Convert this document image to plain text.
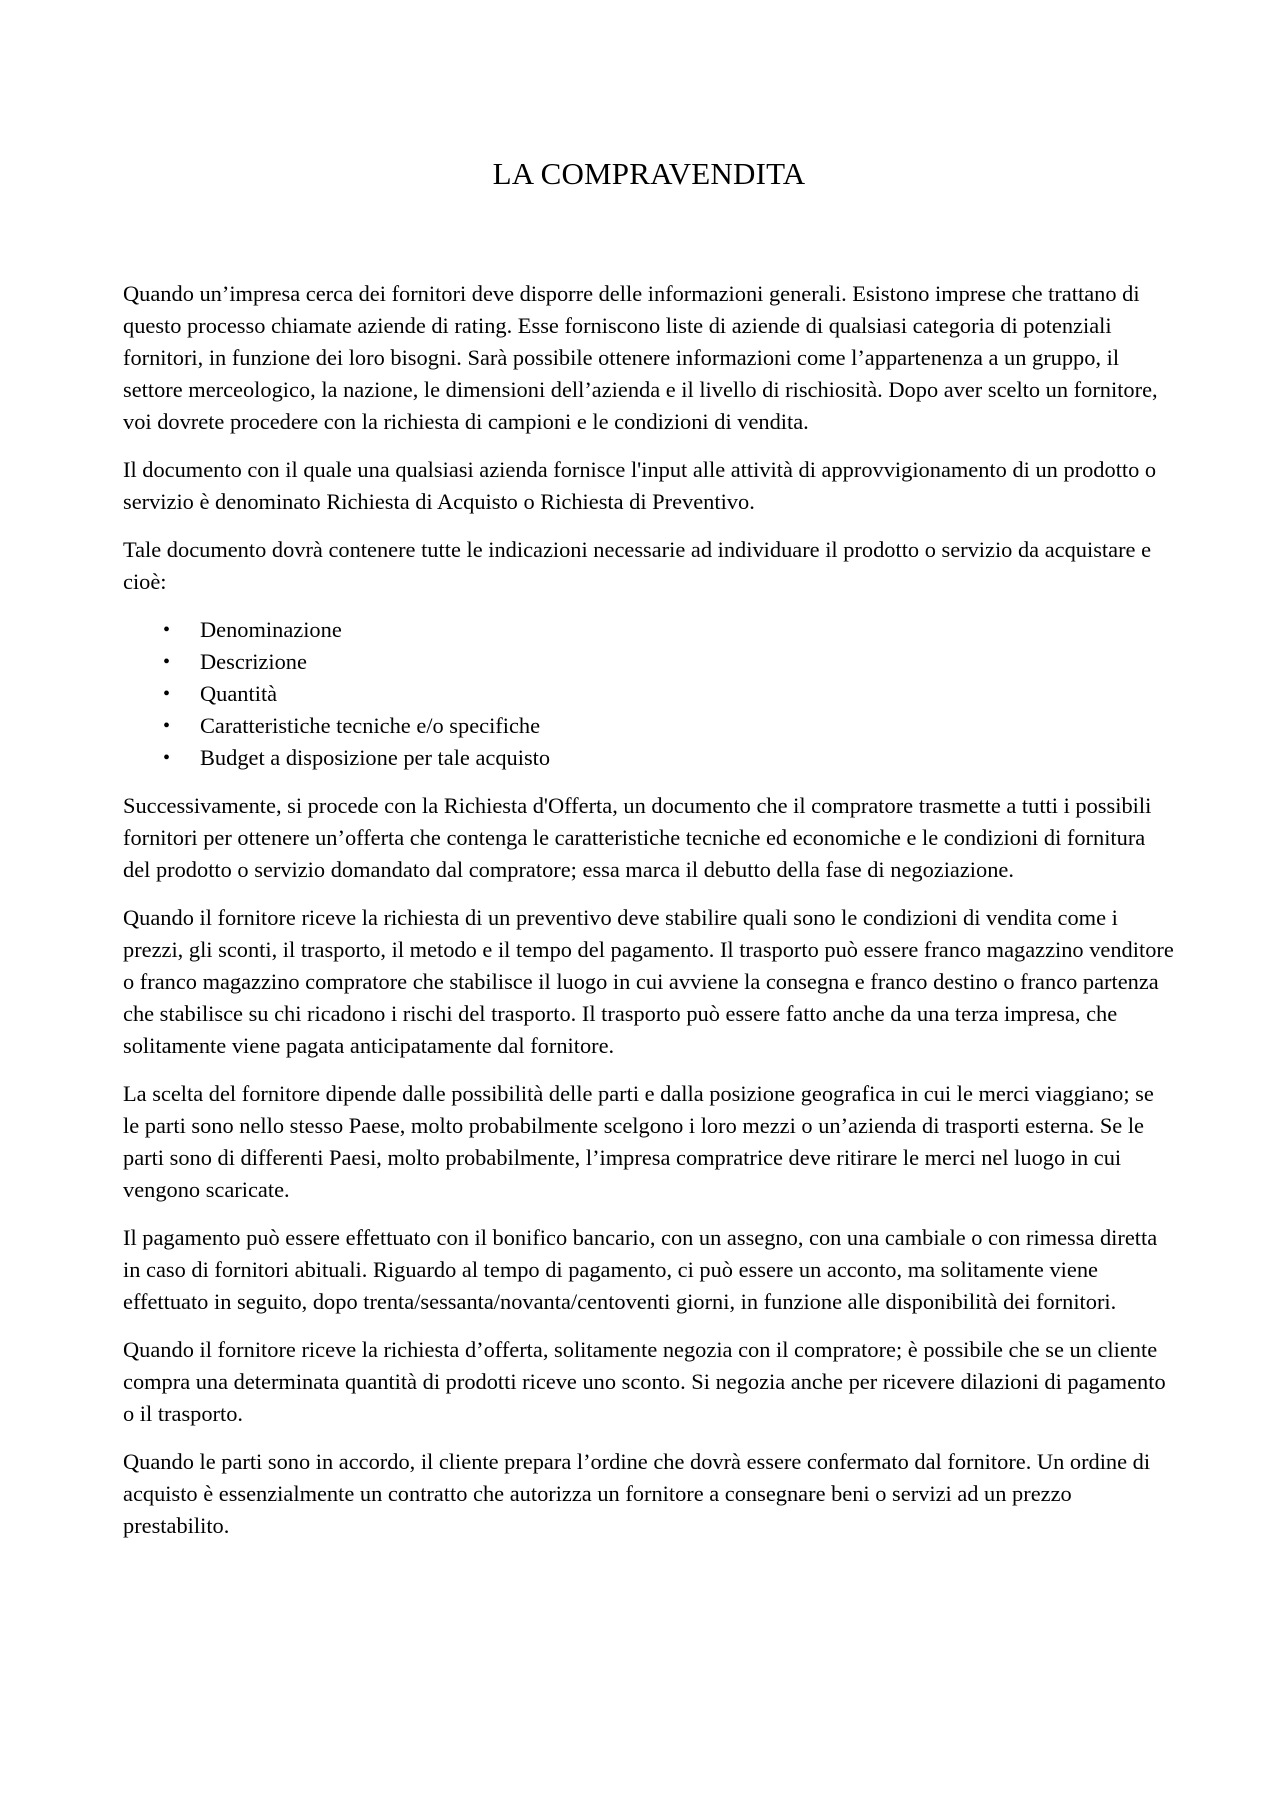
LA COMPRAVENDITA

Quando un’impresa cerca dei fornitori deve disporre delle informazioni generali. Esistono imprese che trattano di questo processo chiamate aziende di rating. Esse forniscono liste di aziende di qualsiasi categoria di potenziali fornitori, in funzione dei loro bisogni. Sarà possibile ottenere informazioni come l’appartenenza a un gruppo, il settore merceologico, la nazione, le dimensioni dell’azienda e il livello di rischiosità. Dopo aver scelto un fornitore, voi dovrete procedere con la richiesta di campioni e le condizioni di vendita.

Il documento con il quale una qualsiasi azienda fornisce l'input alle attività di approvvigionamento di un prodotto o servizio è denominato Richiesta di Acquisto o Richiesta di Preventivo.

Tale documento dovrà contenere tutte le indicazioni necessarie ad individuare il prodotto o servizio da acquistare e cioè:

• Denominazione
• Descrizione
• Quantità
• Caratteristiche tecniche e/o specifiche
• Budget a disposizione per tale acquisto

Successivamente, si procede con la Richiesta d'Offerta, un documento che il compratore trasmette a tutti i possibili fornitori per ottenere un’offerta che contenga le caratteristiche tecniche ed economiche e le condizioni di fornitura del prodotto o servizio domandato dal compratore; essa marca il debutto della fase di negoziazione.

Quando il fornitore riceve la richiesta di un preventivo deve stabilire quali sono le condizioni di vendita come i prezzi, gli sconti, il trasporto, il metodo e il tempo del pagamento. Il trasporto può essere franco magazzino venditore o franco magazzino compratore che stabilisce il luogo in cui avviene la consegna e franco destino o franco partenza che stabilisce su chi ricadono i rischi del trasporto. Il trasporto può essere fatto anche da una terza impresa, che solitamente viene pagata anticipatamente dal fornitore.

La scelta del fornitore dipende dalle possibilità delle parti e dalla posizione geografica in cui le merci viaggiano; se le parti sono nello stesso Paese, molto probabilmente scelgono i loro mezzi o un’azienda di trasporti esterna. Se le parti sono di differenti Paesi, molto probabilmente, l’impresa compratrice deve ritirare le merci nel luogo in cui vengono scaricate.

Il pagamento può essere effettuato con il bonifico bancario, con un assegno, con una cambiale o con rimessa diretta in caso di fornitori abituali. Riguardo al tempo di pagamento, ci può essere un acconto, ma solitamente viene effettuato in seguito, dopo trenta/sessanta/novanta/centoventi giorni, in funzione alle disponibilità dei fornitori.

Quando il fornitore riceve la richiesta d’offerta, solitamente negozia con il compratore; è possibile che se un cliente compra una determinata quantità di prodotti riceve uno sconto. Si negozia anche per ricevere dilazioni di pagamento o il trasporto.

Quando le parti sono in accordo, il cliente prepara l’ordine che dovrà essere confermato dal fornitore. Un ordine di acquisto è essenzialmente un contratto che autorizza un fornitore a consegnare beni o servizi ad un prezzo prestabilito.
